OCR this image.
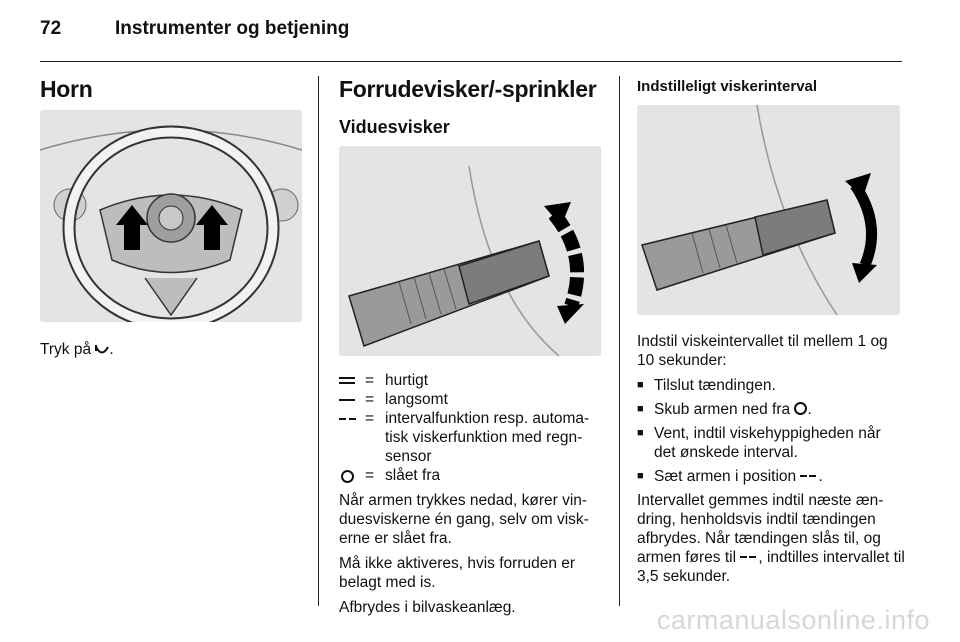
72	Instrumenter og betjening
Horn
Tryk på .
Forrudevisker/-sprinkler
Viduesvisker
= hurtigt
= langsomt
= intervalfunktion resp. automa-tisk viskerfunktion med regn-sensor
= slået fra

Når armen trykkes nedad, kører vin-duesviskerne én gang, selv om visk-erne er slået fra.

Må ikke aktiveres, hvis forruden er belagt med is.

Afbrydes i bilvaskeanlæg.

Indstilleligt viskerinterval

Indstil viskeintervallet til mellem 1 og 10 sekunder:

■ Tilslut tændingen.
■ Skub armen ned fra .
■ Vent, indtil viskehyppigheden når det ønskede interval.
■ Sæt armen i position .

Intervallet gemmes indtil næste æn-dring, henholdsvis indtil tændingen afbrydes. Når tændingen slås til, og armen føres til , indtilles intervallet til 3,5 sekunder.

carmanualsonline.info
